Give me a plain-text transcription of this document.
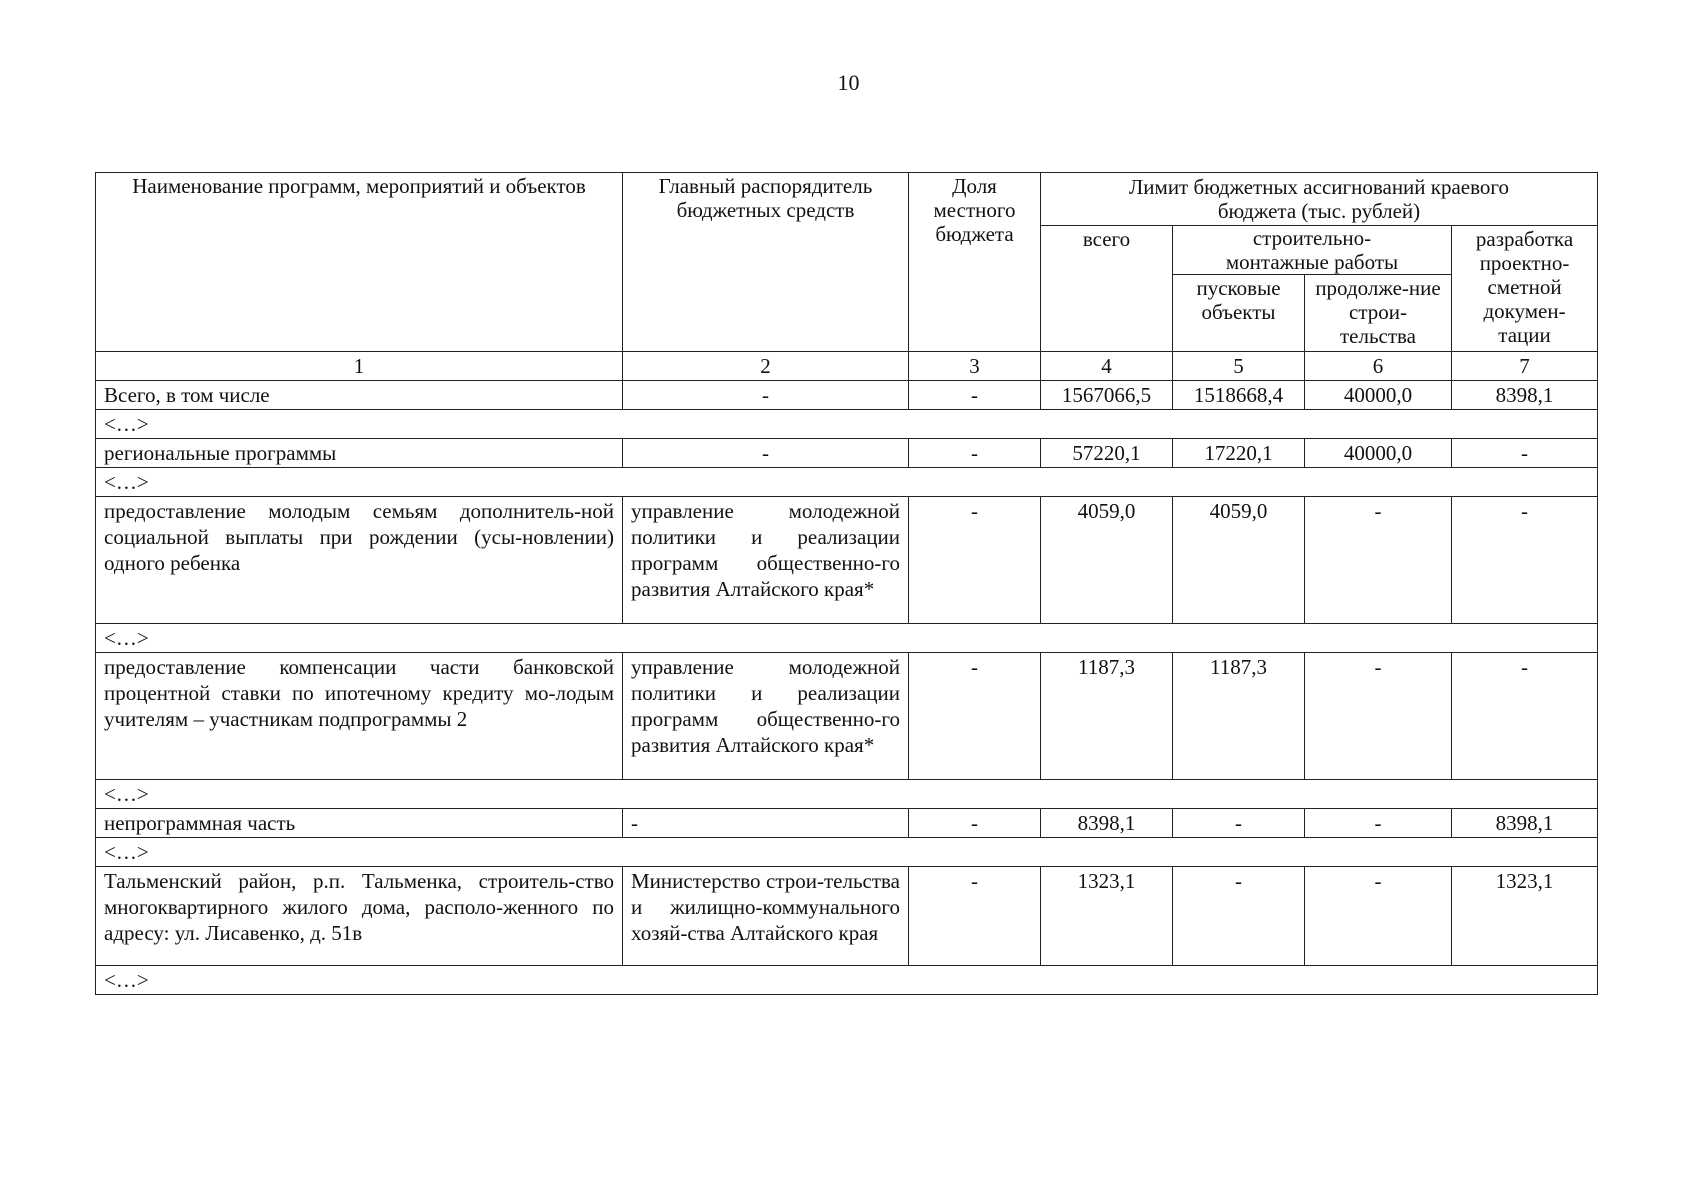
10
Наименование программ, мероприятий и объектов	Главный распорядитель бюджетных средств	Доля местного бюджета	Лимит бюджетных ассигнований краевого бюджета (тыс. рублей)			
			всего	строительно-монтажные работы		разработка проектно-сметной докумен-тации
				пусковые объекты	продолже-ние строи-тельства	
1	2	3	4	5	6	7
Всего, в том числе	-	-	1567066,5	1518668,4	40000,0	8398,1
<…>						
региональные программы	-	-	57220,1	17220,1	40000,0	-
<…>						
предоставление молодым семьям дополнитель-ной социальной выплаты при рождении (усы-новлении) одного ребенка	управление молодежной политики и реализации программ общественно-го развития Алтайского края*	-	4059,0	4059,0	-	-
<…>						
предоставление компенсации части банковской процентной ставки по ипотечному кредиту мо-лодым учителям – участникам подпрограммы 2	управление молодежной политики и реализации программ общественно-го развития Алтайского края*	-	1187,3	1187,3	-	-
<…>						
непрограммная часть	-	-	8398,1	-	-	8398,1
<…>						
Тальменский район, р.п. Тальменка, строитель-ство многоквартирного жилого дома, располо-женного по адресу: ул. Лисавенко, д. 51в	Министерство строи-тельства и жилищно-коммунального хозяй-ства Алтайского края	-	1323,1	-	-	1323,1
<…>						
